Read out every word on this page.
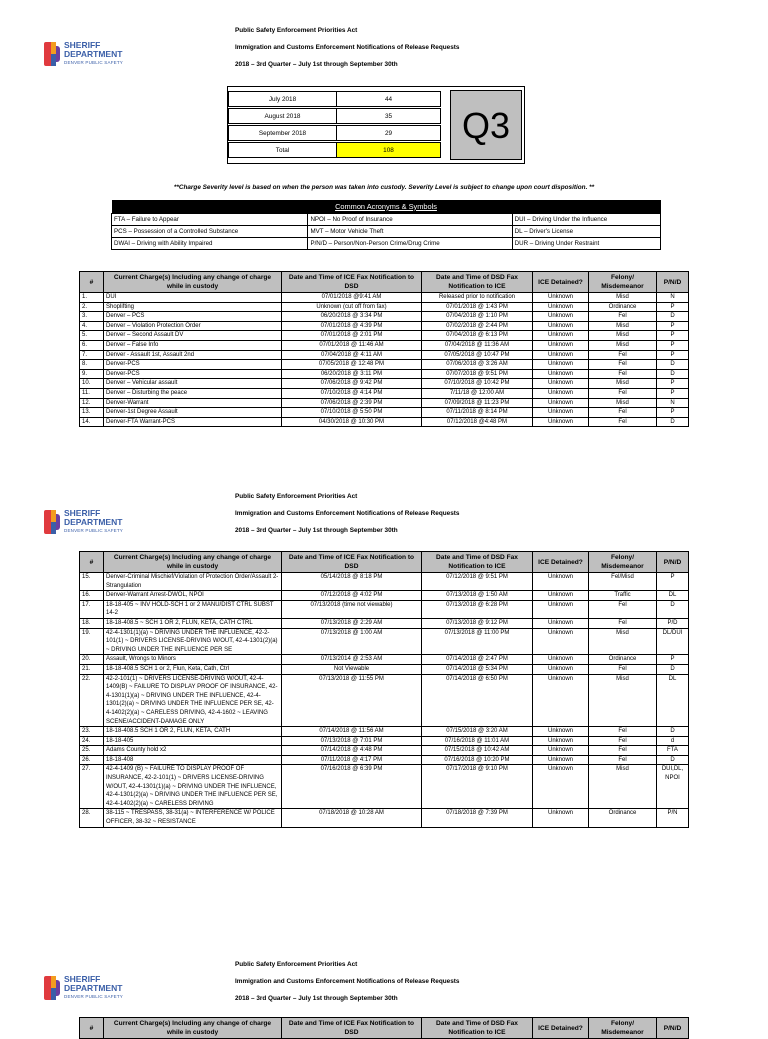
SHERIFF
DEPARTMENT
DENVER PUBLIC SAFETY
Public Safety Enforcement Priorities Act
Immigration and Customs Enforcement Notifications of Release Requests
2018 – 3rd Quarter – July 1st through September 30th
July 2018	44

August 2018	35

September 2018	29

Total	108
Q3
**Charge Severity level is based on when the person was taken into custody. Severity Level is subject to change upon court disposition. **
Common Acronyms & Symbols		
FTA – Failure to Appear	NPOI – No Proof of Insurance	DUI – Driving Under the Influence
PCS – Possession of a Controlled Substance	MVT – Motor Vehicle Theft	DL – Driver's License
DWAI – Driving with Ability Impaired	P/N/D – Person/Non-Person Crime/Drug Crime	DUR – Driving Under Restraint
#	Current Charge(s) Including any change of charge while in custody	Date and Time of ICE Fax Notification to DSD	Date and Time of DSD Fax Notification to ICE	ICE Detained?	Felony/ Misdemeanor	P/N/D
1.	DUI	07/01/2018 @9:41 AM	Released prior to notification	Unknown	Misd	N
2.	Shoplifting	Unknown (cut off from fax)	07/01/2018 @ 1:43 PM	Unknown	Ordinance	P
3.	Denver – PCS	06/20/2018 @ 3:34 PM	07/04/2018 @ 1:10 PM	Unknown	Fel	D
4.	Denver – Violation Protection Order	07/01/2018 @ 4:39 PM	07/02/2018 @ 2:44 PM	Unknown	Misd	P
5.	Denver – Second Assault DV	07/01/2018 @ 2:01 PM	07/04/2018 @ 6:13 PM	Unknown	Misd	P
6.	Denver – False Info	07/01/2018 @ 11:46 AM	07/04/2018 @ 11:36 AM	Unknown	Misd	P
7.	Denver - Assault 1st, Assault 2nd	07/04/2018 @ 4:11 AM	07/05/2018 @ 10:47 PM	Unknown	Fel	P
8.	Denver-PCS	07/05/2018 @ 12:48 PM	07/06/2018 @ 3:26 AM	Unknown	Fel	D
9.	Denver-PCS	06/20/2018 @ 3:11 PM	07/07/2018 @ 9:51 PM	Unknown	Fel	D
10.	Denver – Vehicular assault	07/06/2018 @ 9:42 PM	07/10/2018 @ 10:42 PM	Unknown	Misd	P
11.	Denver – Disturbing the peace	07/10/2018 @ 4:14 PM	7/11/18 @ 12:00 AM	Unknown	Fel	P
12.	Denver-Warrant	07/06/2018 @ 2:39 PM	07/09/2018 @ 11:23 PM	Unknown	Misd	N
13.	Denver-1st Degree Assault	07/10/2018 @ 5:50 PM	07/11/2018 @ 8:14 PM	Unknown	Fel	P
14.	Denver-FTA Warrant-PCS	04/30/2018 @ 10:30 PM	07/12/2018 @4:48 PM	Unknown	Fel	D
SHERIFF
DEPARTMENT
DENVER PUBLIC SAFETY
Public Safety Enforcement Priorities Act
Immigration and Customs Enforcement Notifications of Release Requests
2018 – 3rd Quarter – July 1st through September 30th
#	Current Charge(s) Including any change of charge while in custody	Date and Time of ICE Fax Notification to DSD	Date and Time of DSD Fax Notification to ICE	ICE Detained?	Felony/ Misdemeanor	P/N/D
15.	Denver-Criminal Mischief/Violation of Protection Order/Assault 2-Strangulation	05/14/2018 @ 8:18 PM	07/12/2018 @ 9:51 PM	Unknown	Fel/Misd	P
16.	Denver-Warrant Arrest-DWOL, NPOI	07/12/2018 @ 4:02 PM	07/13/2018 @ 1:50 AM	Unknown	Traffic	DL
17.	18-18-405 ~ INV HOLD-SCH 1 or 2 MANU/DIST CTRL SUBST 14-2	07/13/2018 (time not viewable)	07/13/2018 @ 6:28 PM	Unknown	Fel	D
18.	18-18-408.5 ~ SCH 1 OR 2, FLUN, KETA, CATH CTRL	07/13/2018 @ 2:29 AM	07/13/2018 @ 9:12 PM	Unknown	Fel	P/D
19.	42-4-1301(1)(a) ~ DRIVING UNDER THE INFLUENCE, 42-2-101(1) ~ DRIVERS LICENSE-DRIVING W/OUT, 42-4-1301(2)(a) ~ DRIVING UNDER THE INFLUENCE PER SE	07/13/2018 @ 1:00 AM	07/13/2018 @ 11:00 PM	Unknown	Misd	DL/DUI
20.	Assault, Wrongs to Minors	07/13/2014 @ 2:53 AM	07/14/2018 @ 2:47 PM	Unknown	Ordinance	P
21.	18-18-408.5 SCH 1 or 2, Flun, Keta, Cath, Ctrl	Not Viewable	07/14/2018 @ 5:34 PM	Unknown	Fel	D
22.	42-2-101(1) ~ DRIVERS LICENSE-DRIVING W/OUT, 42-4-1409(B) ~ FAILURE TO DISPLAY PROOF OF INSURANCE, 42-4-1301(1)(a) ~ DRIVING UNDER THE INFLUENCE, 42-4-1301(2)(a) ~ DRIVING UNDER THE INFLUENCE PER SE, 42-4-1402(2)(a) ~ CARELESS DRIVING, 42-4-1602 ~ LEAVING SCENE/ACCIDENT-DAMAGE ONLY	07/13/2018 @ 11:55 PM	07/14/2018 @ 6:50 PM	Unknown	Misd	DL
23.	18-18-408.5 SCH 1 OR 2, FLUN, KETA, CATH	07/14/2018 @ 11:56 AM	07/15/2018 @ 3:20 AM	Unknown	Fel	D
24.	18-18-405	07/13/2018 @ 7:01 PM	07/16/2018 @ 11:01 AM	Unknown	Fel	d
25.	Adams County hold x2	07/14/2018 @ 4:48 PM	07/15/2018 @ 10:42 AM	Unknown	Fel	FTA
26.	18-18-408	07/11/2018 @ 4:17 PM	07/16/2018 @ 10:20 PM	Unknown	Fel	D
27.	42-4-1409 (B) ~ FAILURE TO DISPLAY PROOF OF INSURANCE, 42-2-101(1) ~ DRIVERS LICENSE-DRIVING W/OUT, 42-4-1301(1)(a) ~ DRIVING UNDER THE INFLUENCE, 42-4-1301(2)(a) ~ DRIVING UNDER THE INFLUENCE PER SE, 42-4-1402(2)(a) ~ CARELESS DRIVING	07/16/2018 @ 6:39 PM	07/17/2018 @ 9:10 PM	Unknown	Misd	DUI,DL, NPOI
28.	38-115 ~ TRESPASS, 38-31(a) ~ INTERFERENCE W/ POLICE OFFICER, 38-32 ~ RESISTANCE	07/18/2018 @ 10:28 AM	07/18/2018 @ 7:39 PM	Unknown	Ordinance	P/N
SHERIFF
DEPARTMENT
DENVER PUBLIC SAFETY
Public Safety Enforcement Priorities Act
Immigration and Customs Enforcement Notifications of Release Requests
2018 – 3rd Quarter – July 1st through September 30th
#	Current Charge(s) Including any change of charge while in custody	Date and Time of ICE Fax Notification to DSD	Date and Time of DSD Fax Notification to ICE	ICE Detained?	Felony/ Misdemeanor	P/N/D
